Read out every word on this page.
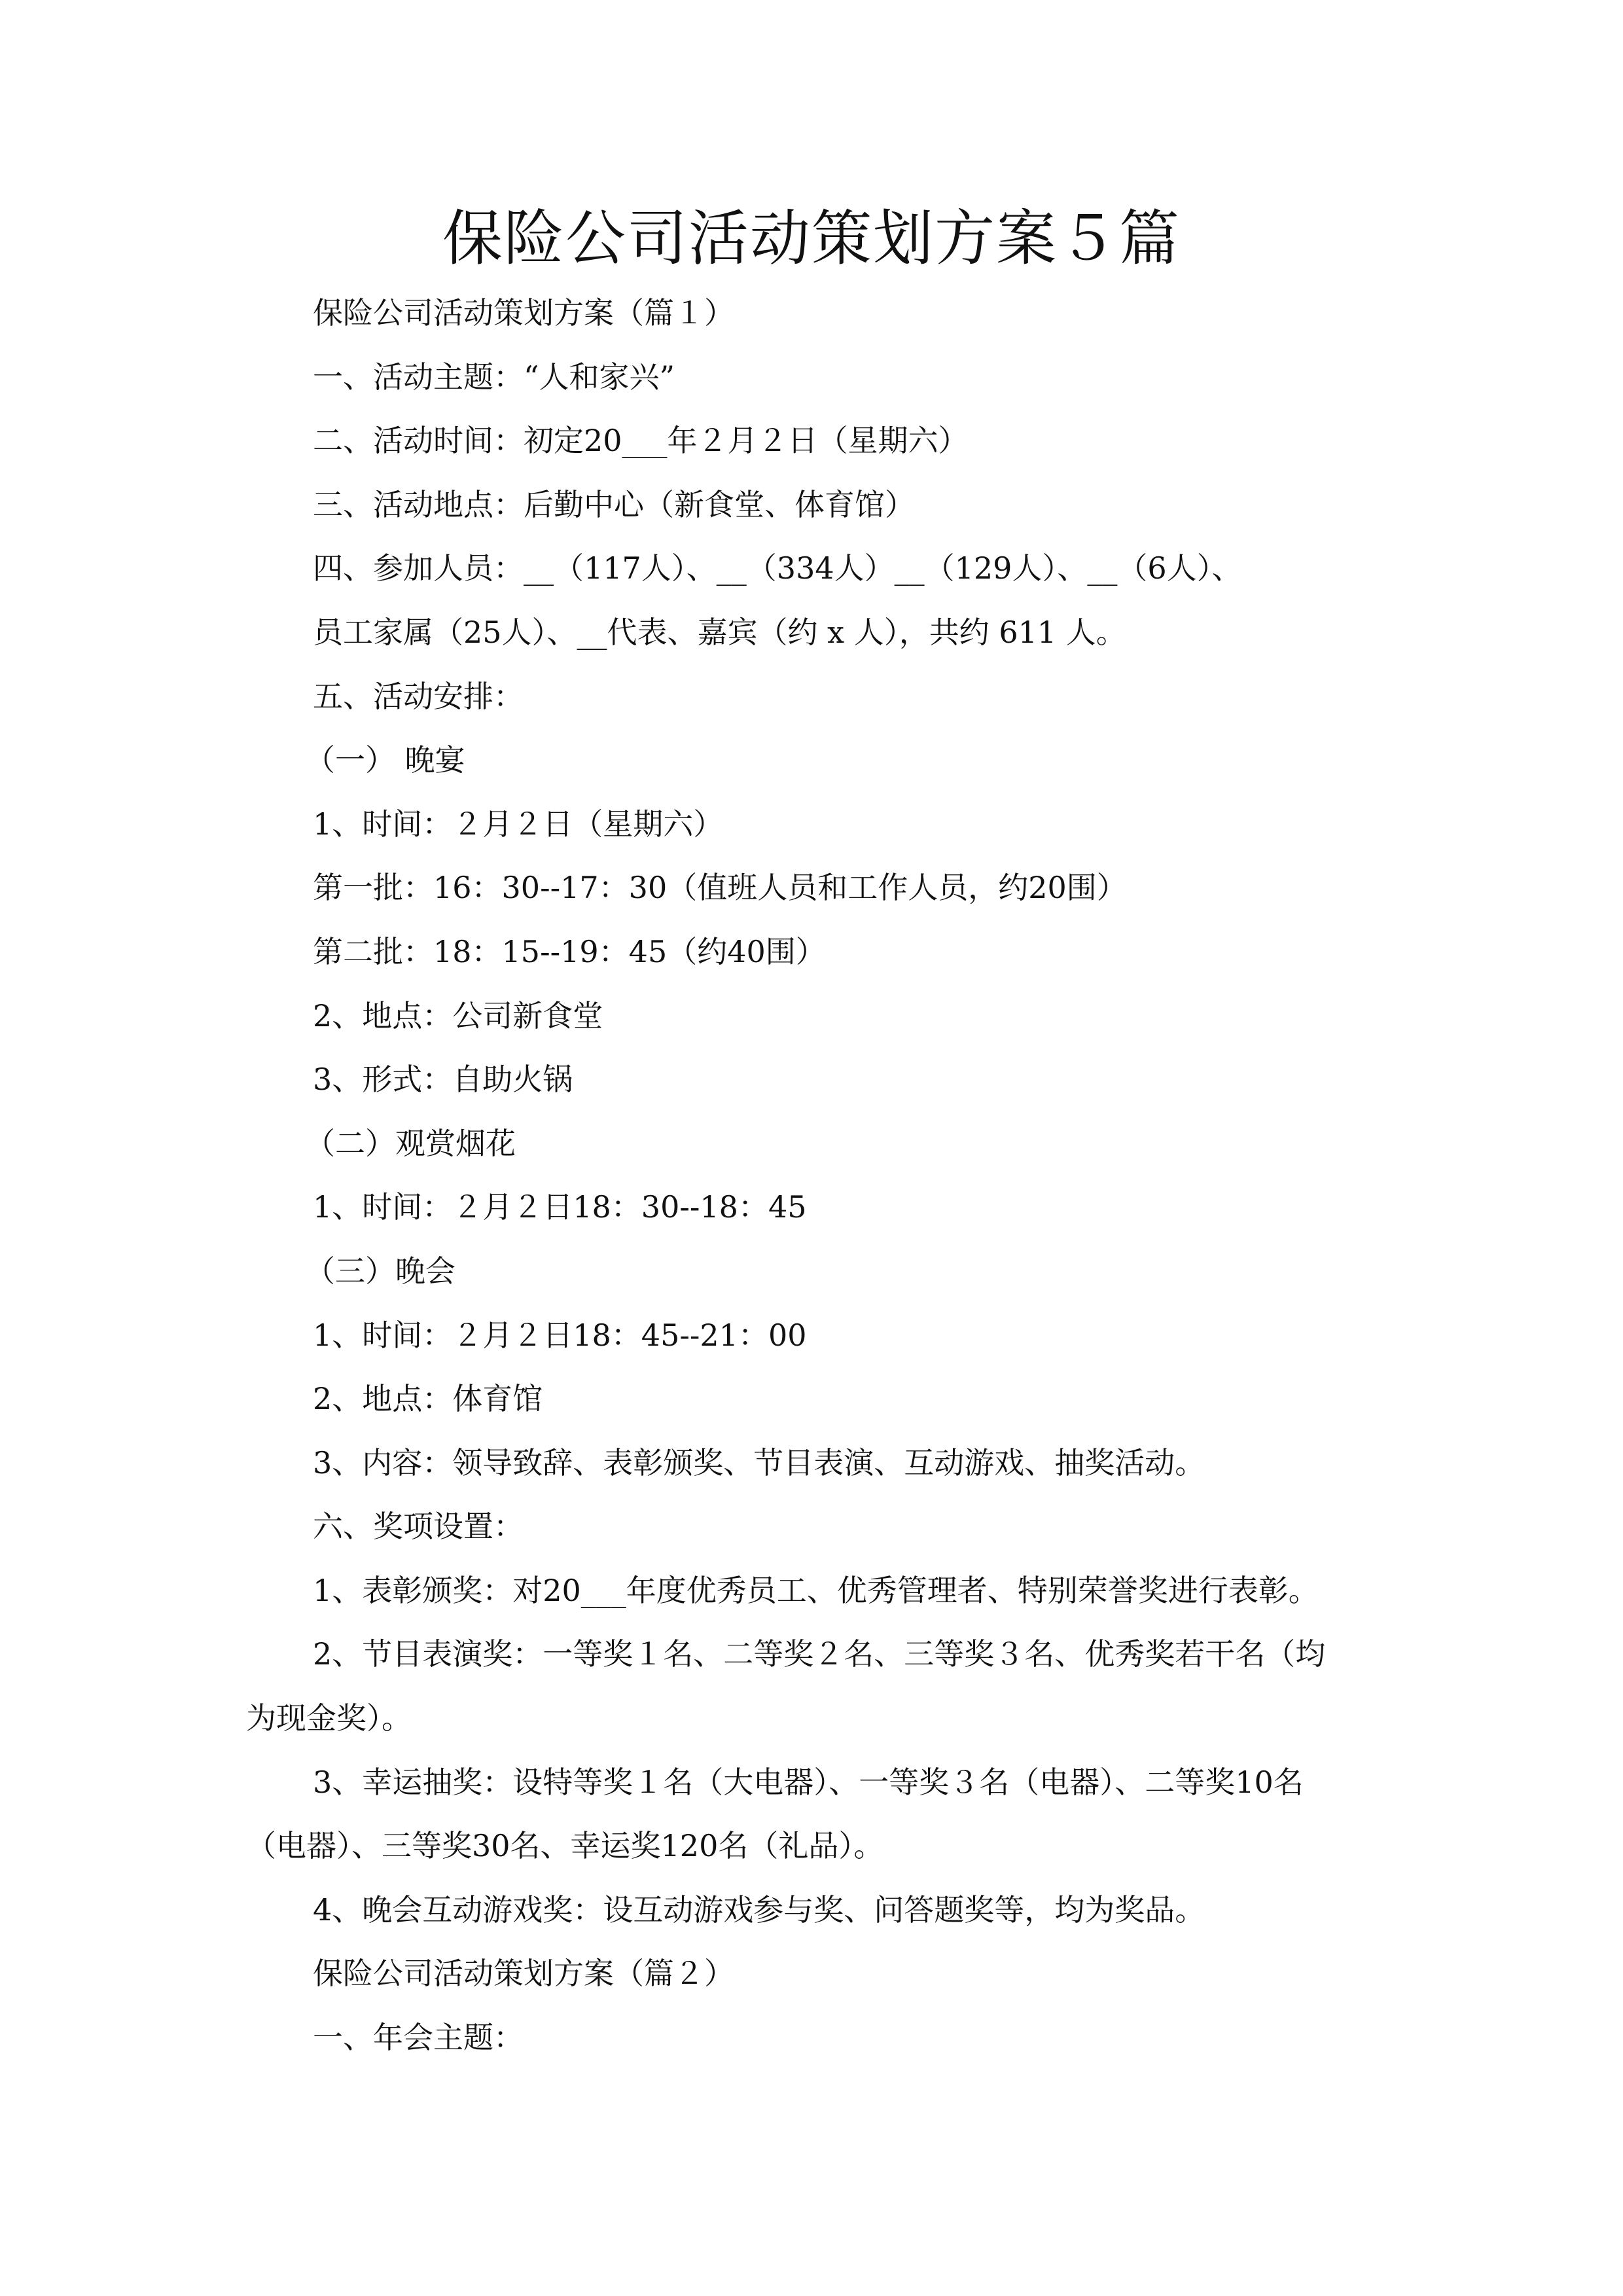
保险公司活动策划方案５篇

保险公司活动策划方案（篇１）

一、活动主题：“人和家兴”

二、活动时间：初定20___年２月２日（星期六）

三、活动地点：后勤中心（新食堂、体育馆）

四、参加人员：__（117人）、__（334人）__（129人）、__（6人）、

员工家属（25人）、__代表、嘉宾（约 x 人），共约 611 人。

五、活动安排：

（一） 晚宴

1、时间：２月２日（星期六）

第一批：16：30--17：30（值班人员和工作人员，约20围）

第二批：18：15--19：45（约40围）

2、地点：公司新食堂

3、形式：自助火锅

（二）观赏烟花

1、时间：２月２日18：30--18：45

（三）晚会

1、时间：２月２日18：45--21：00

2、地点：体育馆

3、内容：领导致辞、表彰颁奖、节目表演、互动游戏、抽奖活动。

六、奖项设置：

1、表彰颁奖：对20___年度优秀员工、优秀管理者、特别荣誉奖进行表彰。

2、节目表演奖：一等奖１名、二等奖２名、三等奖３名、优秀奖若干名（均

为现金奖）。

3、幸运抽奖：设特等奖１名（大电器）、一等奖３名（电器）、二等奖10名

（电器）、三等奖30名、幸运奖120名（礼品）。

4、晚会互动游戏奖：设互动游戏参与奖、问答题奖等，均为奖品。

保险公司活动策划方案（篇２）

一、年会主题：
